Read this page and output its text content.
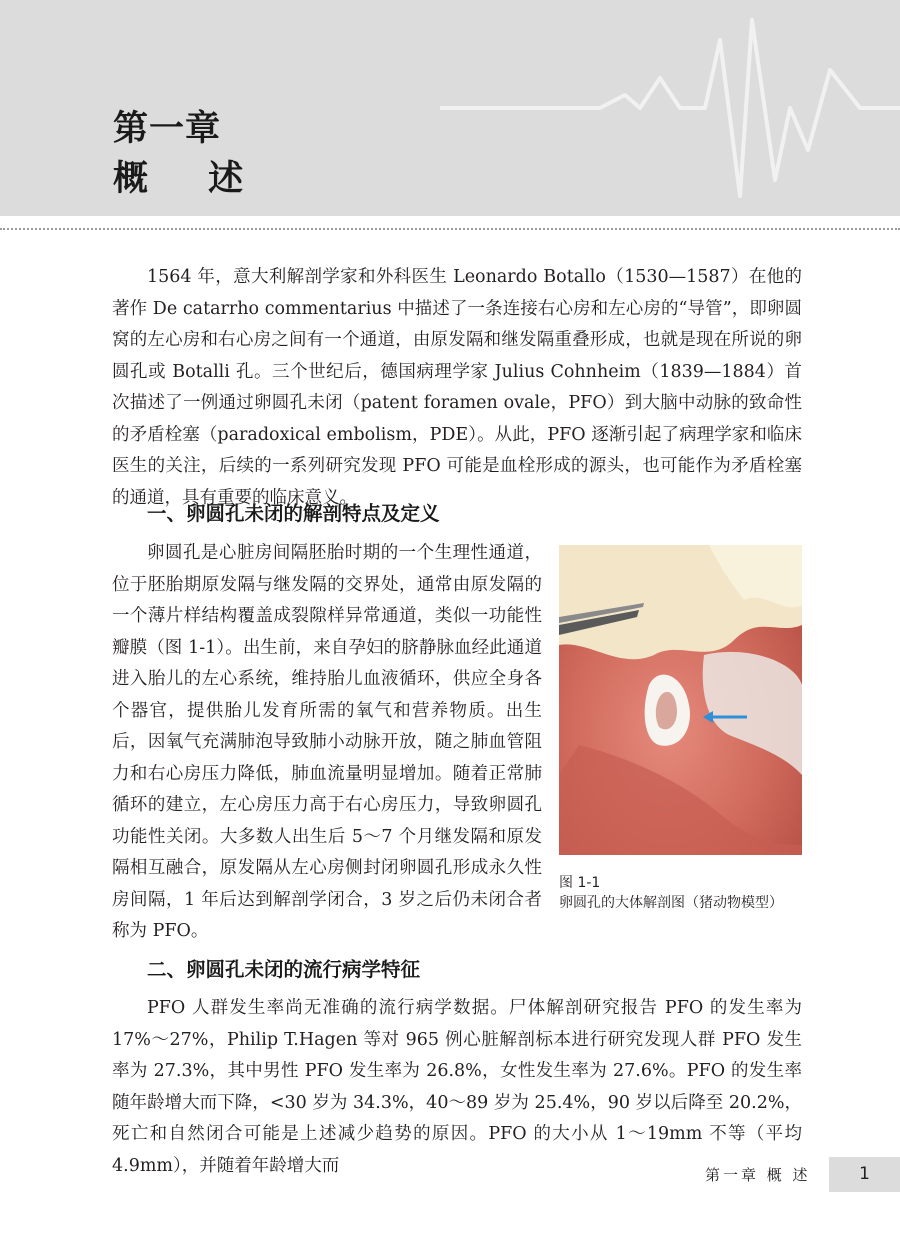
第一章
概 述

1564 年，意大利解剖学家和外科医生 Leonardo Botallo（1530—1587）在他的著作 De catarrho commentarius 中描述了一条连接右心房和左心房的“导管”，即卵圆窝的左心房和右心房之间有一个通道，由原发隔和继发隔重叠形成，也就是现在所说的卵圆孔或 Botalli 孔。三个世纪后，德国病理学家 Julius Cohnheim（1839—1884）首次描述了一例通过卵圆孔未闭（patent foramen ovale，PFO）到大脑中动脉的致命性的矛盾栓塞（paradoxical embolism，PDE）。从此，PFO 逐渐引起了病理学家和临床医生的关注，后续的一系列研究发现 PFO 可能是血栓形成的源头，也可能作为矛盾栓塞的通道，具有重要的临床意义。

一、卵圆孔未闭的解剖特点及定义

卵圆孔是心脏房间隔胚胎时期的一个生理性通道，位于胚胎期原发隔与继发隔的交界处，通常由原发隔的一个薄片样结构覆盖成裂隙样异常通道，类似一功能性瓣膜（图 1-1）。出生前，来自孕妇的脐静脉血经此通道进入胎儿的左心系统，维持胎儿血液循环，供应全身各个器官，提供胎儿发育所需的氧气和营养物质。出生后，因氧气充满肺泡导致肺小动脉开放，随之肺血管阻力和右心房压力降低，肺血流量明显增加。随着正常肺循环的建立，左心房压力高于右心房压力，导致卵圆孔功能性关闭。大多数人出生后 5～7 个月继发隔和原发隔相互融合，原发隔从左心房侧封闭卵圆孔形成永久性房间隔，1 年后达到解剖学闭合，3 岁之后仍未闭合者称为 PFO。

图 1-1
卵圆孔的大体解剖图（猪动物模型）
二、卵圆孔未闭的流行病学特征

PFO 人群发生率尚无准确的流行病学数据。尸体解剖研究报告 PFO 的发生率为 17%～27%，Philip T.Hagen 等对 965 例心脏解剖标本进行研究发现人群 PFO 发生率为 27.3%，其中男性 PFO 发生率为 26.8%，女性发生率为 27.6%。PFO 的发生率随年龄增大而下降，<30 岁为 34.3%，40～89 岁为 25.4%，90 岁以后降至 20.2%，死亡和自然闭合可能是上述减少趋势的原因。PFO 的大小从 1～19mm 不等（平均 4.9mm），并随着年龄增大而	第一章 概 述	1
